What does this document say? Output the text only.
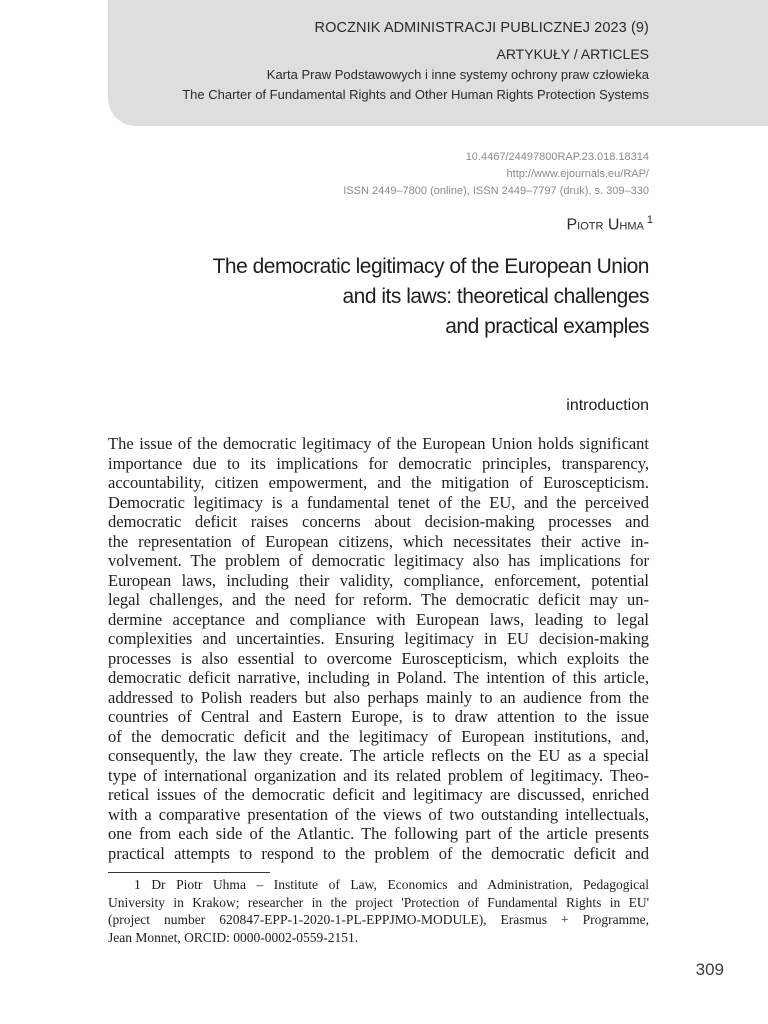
ROCZNIK ADMINISTRACJI PUBLICZNEJ 2023 (9)
ARTYKUŁY / ARTICLES
Karta Praw Podstawowych i inne systemy ochrony praw człowieka
The Charter of Fundamental Rights and Other Human Rights Protection Systems
10.4467/24497800RAP.23.018.18314
http://www.ejournals.eu/RAP/
ISSN 2449–7800 (online), ISSN 2449–7797 (druk), s. 309–330
Piotr Uhma $^1$
The democratic legitimacy of the European Union
and its laws: theoretical challenges
and practical examples
introduction
The issue of the democratic legitimacy of the European Union holds significant
importance due to its implications for democratic principles, transparency,
accountability, citizen empowerment, and the mitigation of Euroscepticism.
Democratic legitimacy is a fundamental tenet of the EU, and the perceived
democratic deficit raises concerns about decision-making processes and
the representation of European citizens, which necessitates their active in-
volvement. The problem of democratic legitimacy also has implications for
European laws, including their validity, compliance, enforcement, potential
legal challenges, and the need for reform. The democratic deficit may un-
dermine acceptance and compliance with European laws, leading to legal
complexities and uncertainties. Ensuring legitimacy in EU decision-making
processes is also essential to overcome Euroscepticism, which exploits the
democratic deficit narrative, including in Poland. The intention of this article,
addressed to Polish readers but also perhaps mainly to an audience from the
countries of Central and Eastern Europe, is to draw attention to the issue
of the democratic deficit and the legitimacy of European institutions, and,
consequently, the law they create. The article reflects on the EU as a special
type of international organization and its related problem of legitimacy. Theo-
retical issues of the democratic deficit and legitimacy are discussed, enriched
with a comparative presentation of the views of two outstanding intellectuals,
one from each side of the Atlantic. The following part of the article presents
practical attempts to respond to the problem of the democratic deficit and
1 Dr Piotr Uhma – Institute of Law, Economics and Administration, Pedagogical
University in Krakow; researcher in the project 'Protection of Fundamental Rights in EU'
(project number 620847-EPP-1-2020-1-PL-EPPJMO-MODULE), Erasmus + Programme,
Jean Monnet, ORCID: 0000-0002-0559-2151.
309
